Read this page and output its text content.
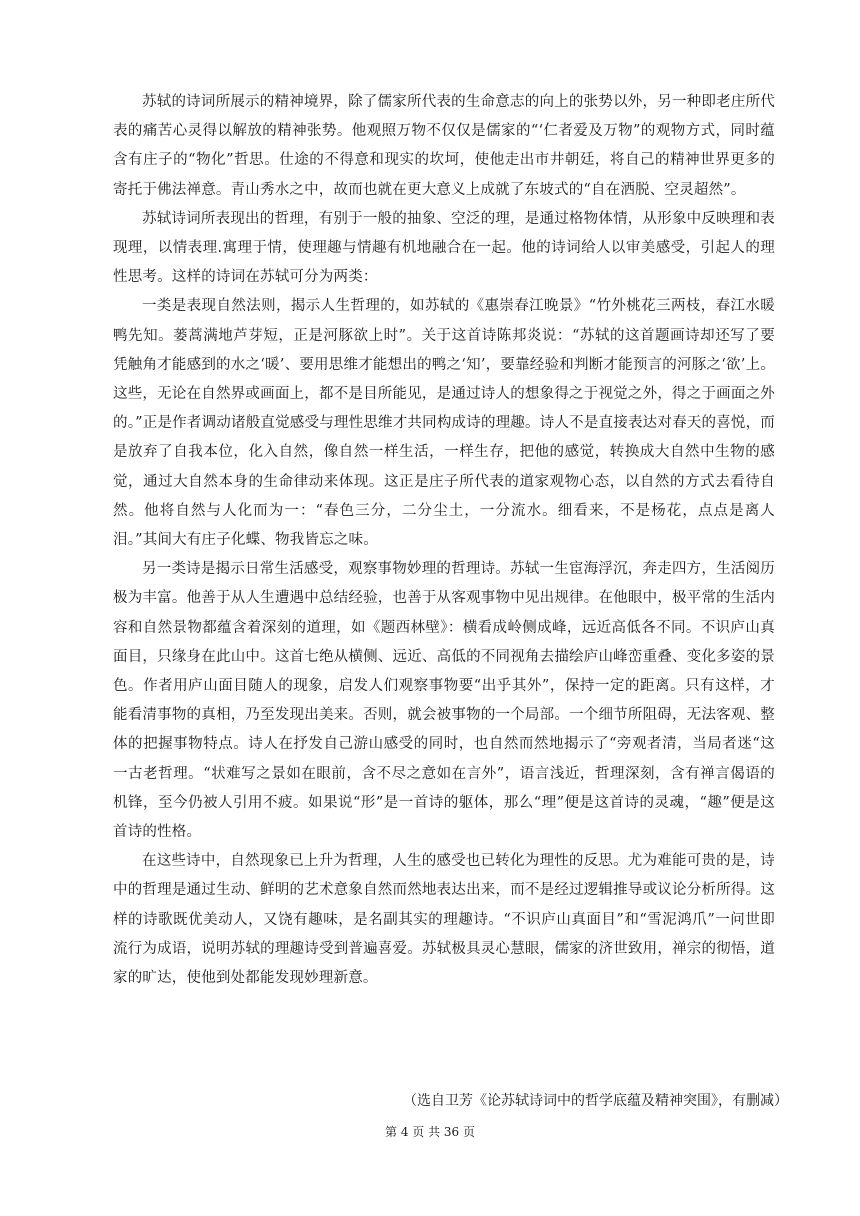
苏轼的诗词所展示的精神境界，除了儒家所代表的生命意志的向上的张势以外，另一种即老庄所代表的痛苦心灵得以解放的精神张势。他观照万物不仅仅是儒家的“‘仁者爱及万物”的观物方式，同时蕴含有庄子的“物化”哲思。仕途的不得意和现实的坎坷，使他走出市井朝廷，将自己的精神世界更多的寄托于佛法禅意。青山秀水之中，故而也就在更大意义上成就了东坡式的“自在洒脱、空灵超然”。

苏轼诗词所表现出的哲理，有别于一般的抽象、空泛的理，是通过格物体情，从形象中反映理和表现理，以情表理.寓理于情，使理趣与情趣有机地融合在一起。他的诗词给人以审美感受，引起人的理性思考。这样的诗词在苏轼可分为两类：

一类是表现自然法则，揭示人生哲理的，如苏轼的《惠崇春江晚景》“竹外桃花三两枝，春江水暖鸭先知。蒌蒿满地芦芽短，正是河豚欲上时”。关于这首诗陈邦炎说：“苏轼的这首题画诗却还写了要凭触角才能感到的水之‘暖’、要用思维才能想出的鸭之‘知’，要靠经验和判断才能预言的河豚之‘欲’上。这些，无论在自然界或画面上，都不是目所能见，是通过诗人的想象得之于视觉之外，得之于画面之外的。”正是作者调动诸般直觉感受与理性思维才共同构成诗的理趣。诗人不是直接表达对春天的喜悦，而是放弃了自我本位，化入自然，像自然一样生活，一样生存，把他的感觉，转换成大自然中生物的感觉，通过大自然本身的生命律动来体现。这正是庄子所代表的道家观物心态，以自然的方式去看待自然。他将自然与人化而为一：“春色三分，二分尘土，一分流水。细看来，不是杨花，点点是离人泪。”其间大有庄子化蝶、物我皆忘之味。

另一类诗是揭示日常生活感受，观察事物妙理的哲理诗。苏轼一生宦海浮沉，奔走四方，生活阅历极为丰富。他善于从人生遭遇中总结经验，也善于从客观事物中见出规律。在他眼中，极平常的生活内容和自然景物都蕴含着深刻的道理，如《题西林壁》：横看成岭侧成峰，远近高低各不同。不识庐山真面目，只缘身在此山中。这首七绝从横侧、远近、高低的不同视角去描绘庐山峰峦重叠、变化多姿的景色。作者用庐山面目随人的现象，启发人们观察事物要“出乎其外”，保持一定的距离。只有这样，才能看清事物的真相，乃至发现出美来。否则，就会被事物的一个局部。一个细节所阻碍，无法客观、整体的把握事物特点。诗人在抒发自己游山感受的同时，也自然而然地揭示了“旁观者清，当局者迷“这一古老哲理。“状难写之景如在眼前，含不尽之意如在言外”，语言浅近，哲理深刻，含有禅言偈语的机锋，至今仍被人引用不疲。如果说“形”是一首诗的躯体，那么“理”便是这首诗的灵魂，“趣”便是这首诗的性格。

在这些诗中，自然现象已上升为哲理，人生的感受也已转化为理性的反思。尤为难能可贵的是，诗中的哲理是通过生动、鲜明的艺术意象自然而然地表达出来，而不是经过逻辑推导或议论分析所得。这样的诗歌既优美动人，又饶有趣味，是名副其实的理趣诗。“不识庐山真面目”和“雪泥鸿爪”一问世即流行为成语，说明苏轼的理趣诗受到普遍喜爱。苏轼极具灵心慧眼，儒家的济世致用，禅宗的彻悟，道家的旷达，使他到处都能发现妙理新意。

（选自卫芳《论苏轼诗词中的哲学底蕴及精神突围》，有删减）
第 4 页 共 36 页
